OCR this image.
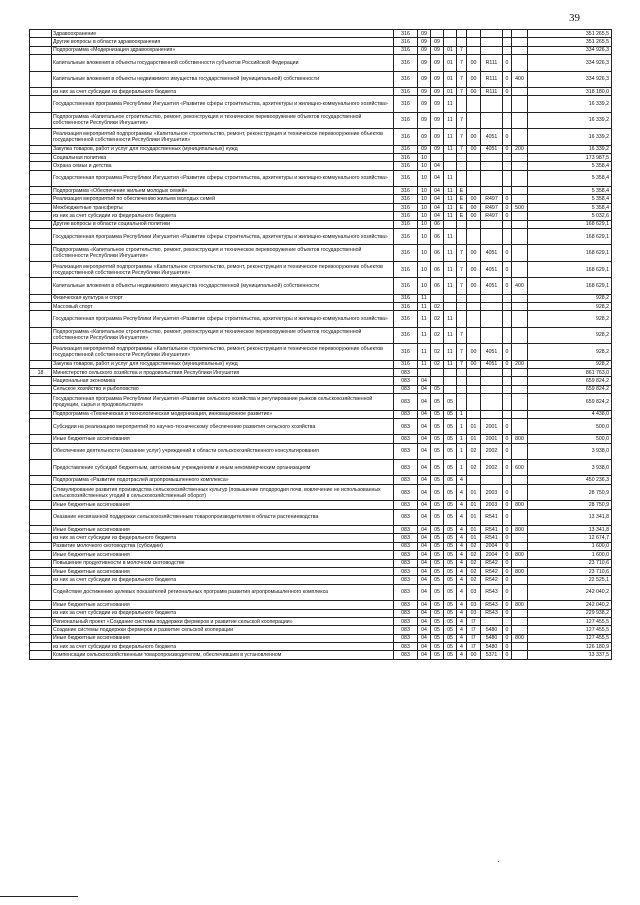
39
	Здравоохранение	316	09								351 265,5
	Другие вопросы в области здравоохранения	316	09	09							351 265,5
	Подпрограмма «Модернизация здравоохранения»	316	09	09	01	7					334 926,3
	Капитальные вложения в объекты государственной собственности субъектов Российской Федерации	316	09	09	01	7	00	R111	0		334 926,3
	Капитальные вложения в объекты недвижимого имущества государственной (муниципальной) собственности	316	09	09	01	7	00	R111	0	400	334 926,3
	из них за счет субсидии из федерального бюджета	316	09	09	01	7	00	R111	0		318 180,0
	Государственная программа Республики Ингушетия «Развитие сферы строительства, архитектуры и жилищно-коммунального хозяйства»	316	09	09	11						16 339,2
	Подпрограмма «Капитальное строительство, ремонт, реконструкция и техническое перевооружение объектов государственной собственности Республики Ингушетия»	316	09	09	11	7					16 339,2
	Реализация мероприятий подпрограммы «Капитальное строительство, ремонт, реконструкция и техническое перевооружение объектов государственной собственности Республики Ингушетия»	316	09	09	11	7	00	4051	0		16 339,2
	Закупка товаров, работ и услуг для государственных (муниципальных) нужд	316	09	09	11	7	00	4051	0	200	16 339,2
	Социальная политика	316	10								173 987,5
	Охрана семьи и детства	316	10	04							5 358,4
	Государственная программа Республики Ингушетия «Развитие сферы строительства, архитектуры и жилищно-коммунального хозяйства»	316	10	04	11						5 358,4
	Подпрограмма «Обеспечение жильем молодых семей»	316	10	04	11	Е					5 358,4
	Реализация мероприятий по обеспечению жильем молодых семей	316	10	04	11	Е	00	R497	0		5 358,4
	Межбюджетные трансферты	316	10	04	11	Е	00	R497	0	500	5 358,4
	из них за счет субсидии из федерального бюджета	316	10	04	11	Е	00	R497	0		5 032,6
	Другие вопросы в области социальной политики	316	10	06							168 629,1
	Государственная программа Республики Ингушетия «Развитие сферы строительства, архитектуры и жилищно-коммунального хозяйства»	316	10	06	11						168 629,1
	Подпрограмма «Капитальное строительство, ремонт, реконструкция и техническое перевооружение объектов государственной собственности Республики Ингушетия»	316	10	06	11	7	00	4051	0		168 629,1
	Реализация мероприятий подпрограммы «Капитальное строительство, ремонт, реконструкция и техническое перевооружение объектов государственной собственности Республики Ингушетия»	316	10	06	11	7	00	4051	0		168 629,1
	Капитальные вложения в объекты недвижимого имущества государственной (муниципальной) собственности	316	10	06	11	7	00	4051	0	400	168 629,1
	Физическая культура и спорт	316	11								928,2
	Массовый спорт	316	11	02							928,2
	Государственная программа Республики Ингушетия «Развитие сферы строительства, архитектуры и жилищно-коммунального хозяйства»	316	11	02	11						928,2
	Подпрограмма «Капитальное строительство, ремонт, реконструкция и техническое перевооружение объектов государственной собственности Республики Ингушетия»	316	11	02	11	7					928,2
	Реализация мероприятий подпрограммы «Капитальное строительство, ремонт, реконструкция и техническое перевооружение объектов государственной собственности Республики Ингушетия»	316	11	02	11	7	00	4051	0		928,2
	Закупка товаров, работ и услуг для государственных (муниципальных) нужд	316	11	02	11	7	00	4051	0	200	928,2
18	Министерство сельского хозяйства и продовольствия Республики Ингушетия	083									861 763,0
	Национальная экономика	083	04								659 824,2
	Сельское хозяйство и рыболовство	083	04	05							659 824,2
	Государственная программа Республики Ингушетия «Развитие сельского хозяйства и регулирование рынков сельскохозяйственной продукции, сырья и продовольствия»	083	04	05	05						659 824,2
	Подпрограмма «Техническая и технологическая модернизация, инновационное развитие»	083	04	05	05	1					4 438,0
	Субсидии на реализацию мероприятий по научно-техническому обеспечению развития сельского хозяйства	083	04	05	05	1	01	2001	0		500,0
	Иные бюджетные ассигнования	083	04	05	05	1	01	2001	0	800	500,0
	Обеспечение деятельности (оказание услуг) учреждений в области сельскохозяйственного консультирования	083	04	05	05	1	02	2002	0		3 938,0
	Предоставление субсидий бюджетным, автономным учреждениям и иным некоммерческим организациям	083	04	05	05	1	02	2002	0	600	3 938,0
	Подпрограмма «Развитие подотраслей агропромышленного комплекса»	083	04	05	05	4					450 236,3
	Стимулирование развития производства сельскохозяйственных культур (повышение плодородия почв, вовлечение не использованных сельскохозяйственных угодий в сельскохозяйственный оборот)	083	04	05	05	4	01	2003	0		28 750,9
	Иные бюджетные ассигнования	083	04	05	05	4	01	2003	0	800	28 750,9
	Оказание несвязанной поддержки сельскохозяйственным товаропроизводителям в области растениеводства	083	04	05	05	4	01	R541	0		13 341,8
	Иные бюджетные ассигнования	083	04	05	05	4	01	R541	0	800	13 341,8
	из них за счет субсидии из федерального бюджета	083	04	05	05	4	01	R541	0		12 674,7
	Развитие молочного скотоводства (субсидии)	083	04	05	05	4	02	2004	0		1 600,0
	Иные бюджетные ассигнования	083	04	05	05	4	02	2004	0	800	1 600,0
	Повышение продуктивности в молочном скотоводстве	083	04	05	05	4	02	R542	0		23 710,6
	Иные бюджетные ассигнования	083	04	05	05	4	02	R542	0	800	23 710,6
	из них за счет субсидии из федерального бюджета	083	04	05	05	4	02	R542	0		22 525,1
	Содействие достижению целевых показателей региональных программ развития агропромышленного комплекса	083	04	05	05	4	03	R543	0		242 040,2
	Иные бюджетные ассигнования	083	04	05	05	4	03	R543	0	800	242 040,2
	из них за счет субсидии из федерального бюджета	083	04	05	05	4	03	R543	0		229 938,2
	Региональный проект «Создание системы поддержки фермеров и развитие сельской кооперации»	083	04	05	05	4	I7				127 455,5
	Создание системы поддержки фермеров и развитие сельской кооперации	083	04	05	05	4	I7	5480	0		127 455,5
	Иные бюджетные ассигнования	083	04	05	05	4	I7	5480	0	800	127 455,5
	из них за счет субсидии из федерального бюджета	083	04	05	05	4	I7	5480	0		126 180,9
	Компенсации сельскохозяйственным товаропроизводителям, обеспечившим в установленном	083	04	05	05	4	00	5371	0		13 337,5
·
